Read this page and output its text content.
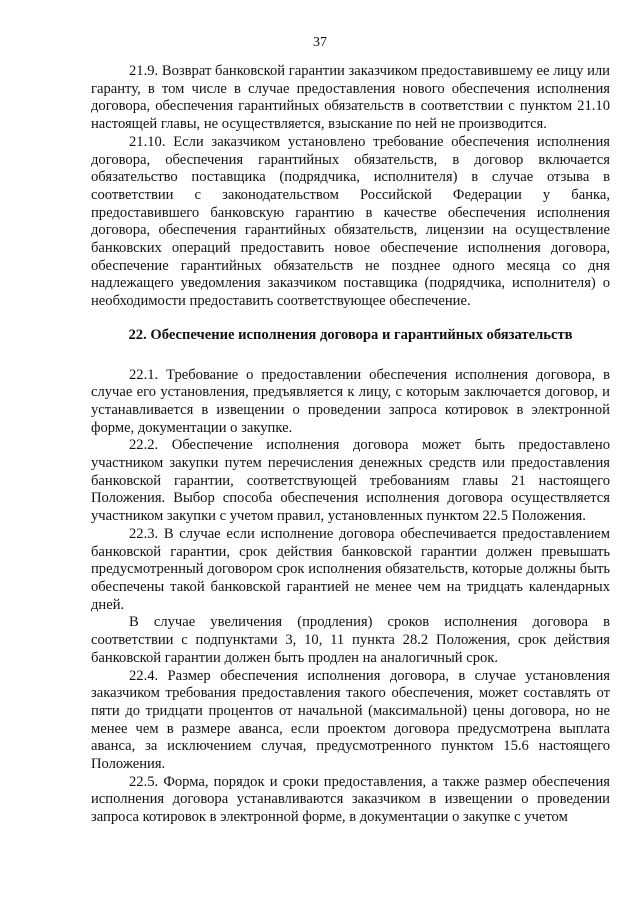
37

21.9. Возврат банковской гарантии заказчиком предоставившему ее лицу или гаранту, в том числе в случае предоставления нового обеспечения исполнения договора, обеспечения гарантийных обязательств в соответствии с пунктом 21.10 настоящей главы, не осуществляется, взыскание по ней не производится.

21.10. Если заказчиком установлено требование обеспечения исполнения договора, обеспечения гарантийных обязательств, в договор включается обязательство поставщика (подрядчика, исполнителя) в случае отзыва в соответствии с законодательством Российской Федерации у банка, предоставившего банковскую гарантию в качестве обеспечения исполнения договора, обеспечения гарантийных обязательств, лицензии на осуществление банковских операций предоставить новое обеспечение исполнения договора, обеспечение гарантийных обязательств не позднее одного месяца со дня надлежащего уведомления заказчиком поставщика (подрядчика, исполнителя) о необходимости предоставить соответствующее обеспечение.

22. Обеспечение исполнения договора и гарантийных обязательств

22.1. Требование о предоставлении обеспечения исполнения договора, в случае его установления, предъявляется к лицу, с которым заключается договор, и устанавливается в извещении о проведении запроса котировок в электронной форме, документации о закупке.

22.2. Обеспечение исполнения договора может быть предоставлено участником закупки путем перечисления денежных средств или предоставления банковской гарантии, соответствующей требованиям главы 21 настоящего Положения. Выбор способа обеспечения исполнения договора осуществляется участником закупки с учетом правил, установленных пунктом 22.5 Положения.

22.3. В случае если исполнение договора обеспечивается предоставлением банковской гарантии, срок действия банковской гарантии должен превышать предусмотренный договором срок исполнения обязательств, которые должны быть обеспечены такой банковской гарантией не менее чем на тридцать календарных дней.

В случае увеличения (продления) сроков исполнения договора в соответствии с подпунктами 3, 10, 11 пункта 28.2 Положения, срок действия банковской гарантии должен быть продлен на аналогичный срок.

22.4. Размер обеспечения исполнения договора, в случае установления заказчиком требования предоставления такого обеспечения, может составлять от пяти до тридцати процентов от начальной (максимальной) цены договора, но не менее чем в размере аванса, если проектом договора предусмотрена выплата аванса, за исключением случая, предусмотренного пунктом 15.6 настоящего Положения.

22.5. Форма, порядок и сроки предоставления, а также размер обеспечения исполнения договора устанавливаются заказчиком в извещении о проведении запроса котировок в электронной форме, в документации о закупке с учетом
